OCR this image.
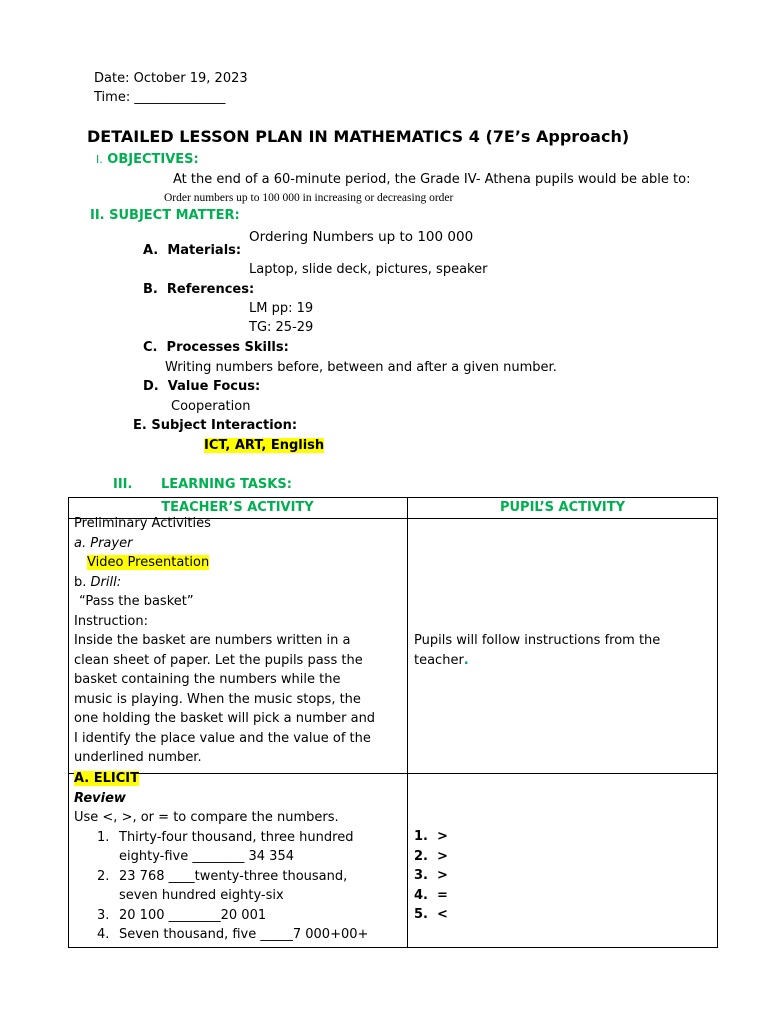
Date: October 19, 2023
Time: ______________
DETAILED LESSON PLAN IN MATHEMATICS 4 (7E’s Approach)
I. OBJECTIVES:
At the end of a 60-minute period, the Grade IV- Athena pupils would be able to:
Order numbers up to 100 000 in increasing or decreasing order
II. SUBJECT MATTER:
Ordering Numbers up to 100 000
A. Materials:
Laptop, slide deck, pictures, speaker
B. References:
LM pp: 19
TG: 25-29
C. Processes Skills:
Writing numbers before, between and after a given number.
D. Value Focus:
Cooperation
E. Subject Interaction:
ICT, ART, English
III. LEARNING TASKS:
TEACHER’S ACTIVITY	PUPIL’S ACTIVITY
Preliminary Activities
a. Prayer
Video Presentation
b. Drill:
“Pass the basket”
Instruction:
Inside the basket are numbers written in a
clean sheet of paper. Let the pupils pass the
basket containing the numbers while the
music is playing. When the music stops, the
one holding the basket will pick a number and
I identify the place value and the value of the
underlined number.
Pupils will follow instructions from the
teacher.
A. ELICIT
Review
Use <, >, or = to compare the numbers.
1. Thirty-four thousand, three hundred
eighty-five ________ 34 354
2. 23 768 ____twenty-three thousand,
seven hundred eighty-six
3. 20 100 ________20 001
4. Seven thousand, five _____7 000+00+
1. >
2. >
3. >
4. =
5. <
